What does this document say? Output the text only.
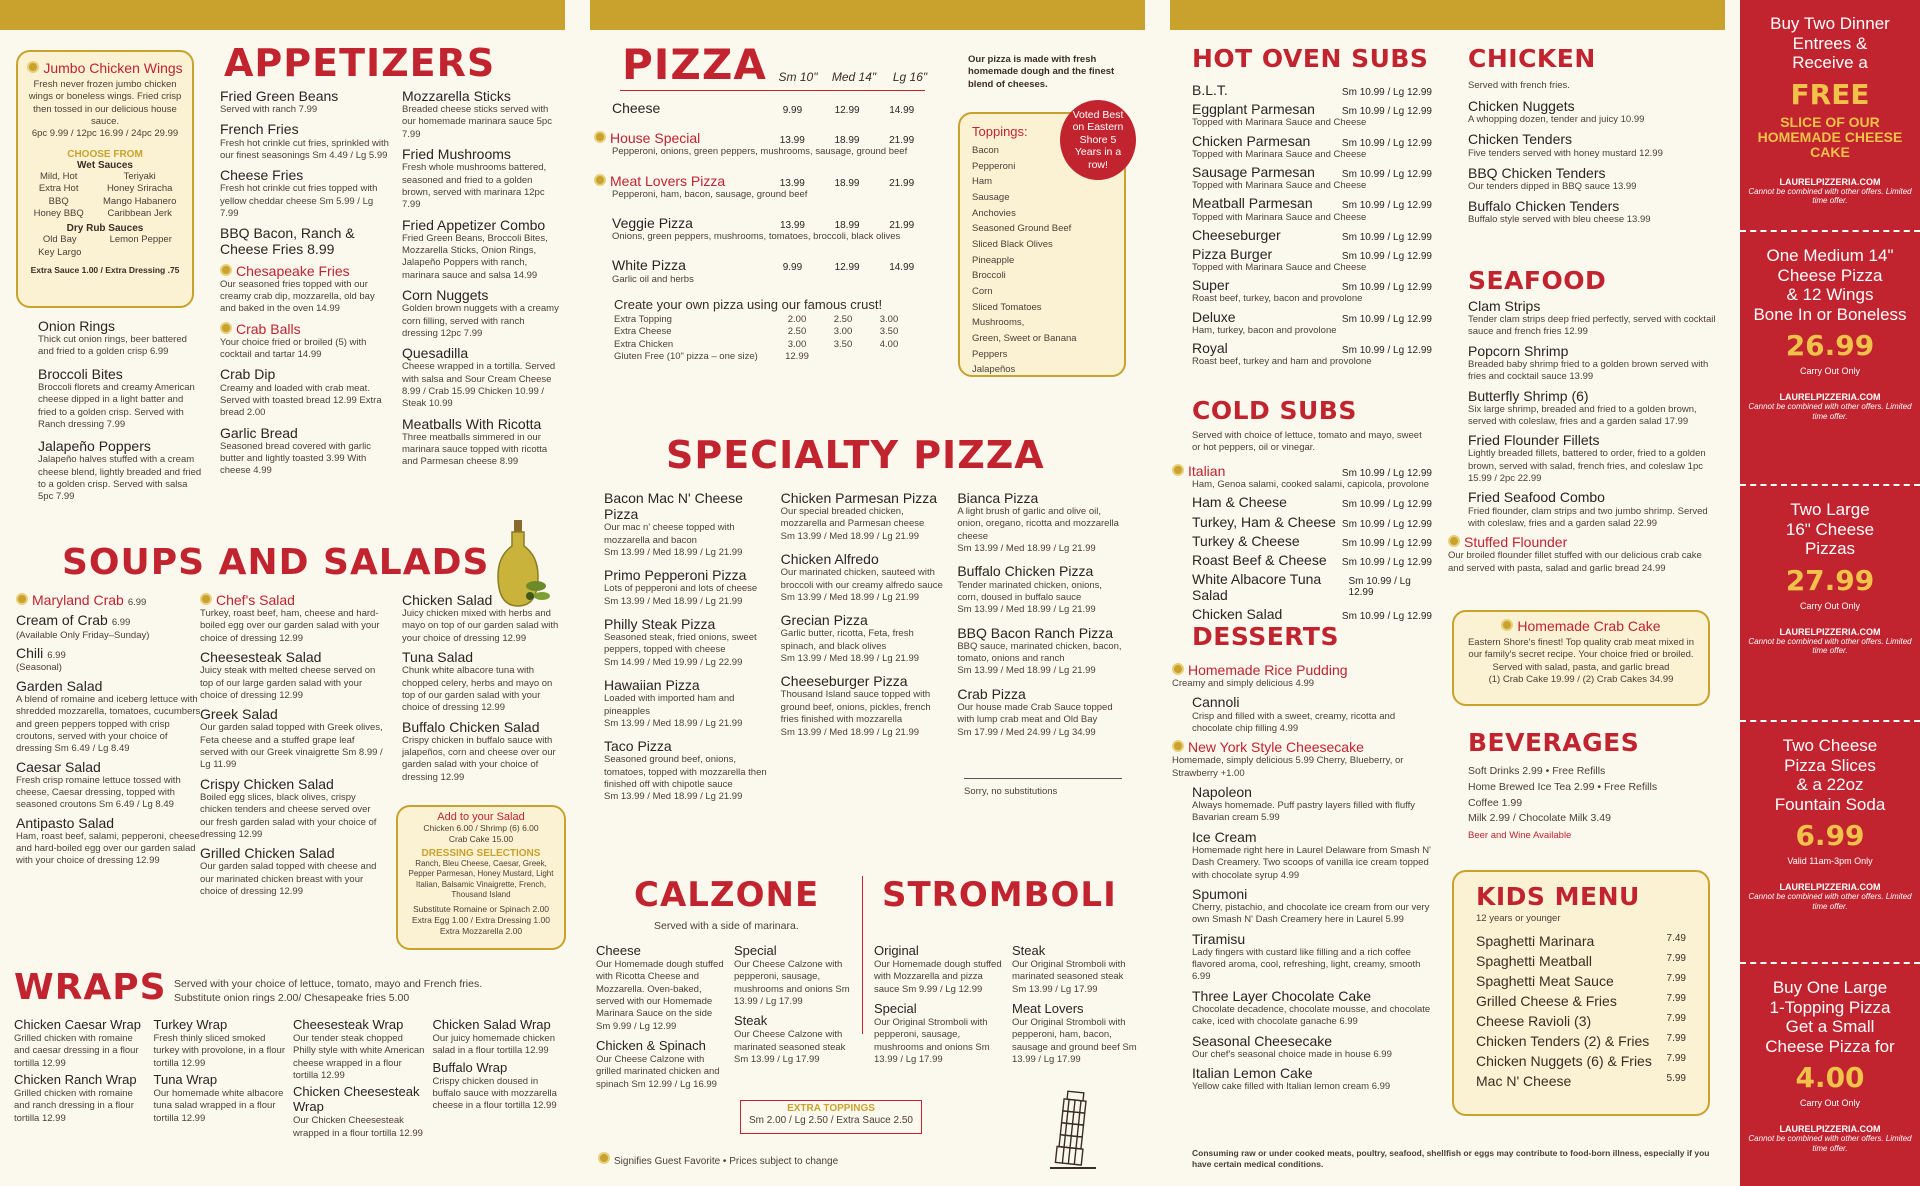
Jumbo Chicken Wings
Fresh never frozen jumbo chicken wings or boneless wings. Fried crisp then tossed in our delicious house sauce.
6pc 9.99 / 12pc 16.99 / 24pc 29.99
CHOOSE FROM
Wet Sauces
Mild, Hot
Extra Hot
BBQ
Honey BBQ
Teriyaki
Honey Sriracha
Mango Habanero
Caribbean Jerk
Dry Rub Sauces
Old Bay
Key Largo
Lemon Pepper
Extra Sauce 1.00 / Extra Dressing .75
APPETIZERS
Onion Rings
Thick cut onion rings, beer battered and fried to a golden crisp 6.99
Broccoli Bites
Broccoli florets and creamy American cheese dipped in a light batter and fried to a golden crisp. Served with Ranch dressing 7.99
Jalapeño Poppers
Jalapeño halves stuffed with a cream cheese blend, lightly breaded and fried to a golden crisp. Served with salsa 5pc 7.99
Fried Green Beans
Served with ranch 7.99
French Fries
Fresh hot crinkle cut fries, sprinkled with our finest seasonings Sm 4.49 / Lg 5.99
Cheese Fries
Fresh hot crinkle cut fries topped with yellow cheddar cheese Sm 5.99 / Lg 7.99
BBQ Bacon, Ranch & Cheese Fries 8.99
Chesapeake Fries
Our seasoned fries topped with our creamy crab dip, mozzarella, old bay and baked in the oven 14.99
Crab Balls
Your choice fried or broiled (5) with cocktail and tartar 14.99
Crab Dip
Creamy and loaded with crab meat. Served with toasted bread 12.99 Extra bread 2.00
Garlic Bread
Seasoned bread covered with garlic butter and lightly toasted 3.99 With cheese 4.99
Mozzarella Sticks
Breaded cheese sticks served with our homemade marinara sauce 5pc 7.99
Fried Mushrooms
Fresh whole mushrooms battered, seasoned and fried to a golden brown, served with marinara 12pc 7.99
Fried Appetizer Combo
Fried Green Beans, Broccoli Bites, Mozzarella Sticks, Onion Rings, Jalapeño Poppers with ranch, marinara sauce and salsa 14.99
Corn Nuggets
Golden brown nuggets with a creamy corn filling, served with ranch dressing 12pc 7.99
Quesadilla
Cheese wrapped in a tortilla. Served with salsa and Sour Cream Cheese 8.99 / Crab 15.99 Chicken 10.99 / Steak 10.99
Meatballs With Ricotta
Three meatballs simmered in our marinara sauce topped with ricotta and Parmesan cheese 8.99
SOUPS AND SALADS
Maryland Crab 6.99
Cream of Crab 6.99
(Available Only Friday–Sunday)
Chili 6.99
(Seasonal)
Garden Salad
A blend of romaine and iceberg lettuce with shredded mozzarella, tomatoes, cucumbers and green peppers topped with crisp croutons, served with your choice of dressing Sm 6.49 / Lg 8.49
Caesar Salad
Fresh crisp romaine lettuce tossed with cheese, Caesar dressing, topped with seasoned croutons Sm 6.49 / Lg 8.49
Antipasto Salad
Ham, roast beef, salami, pepperoni, cheese and hard-boiled egg over our garden salad with your choice of dressing 12.99
Chef's Salad
Turkey, roast beef, ham, cheese and hard-boiled egg over our garden salad with your choice of dressing 12.99
Cheesesteak Salad
Juicy steak with melted cheese served on top of our large garden salad with your choice of dressing 12.99
Greek Salad
Our garden salad topped with Greek olives, Feta cheese and a stuffed grape leaf served with our Greek vinaigrette Sm 8.99 / Lg 11.99
Crispy Chicken Salad
Boiled egg slices, black olives, crispy chicken tenders and cheese served over our fresh garden salad with your choice of dressing 12.99
Grilled Chicken Salad
Our garden salad topped with cheese and our marinated chicken breast with your choice of dressing 12.99
Chicken Salad
Juicy chicken mixed with herbs and mayo on top of our garden salad with your choice of dressing 12.99
Tuna Salad
Chunk white albacore tuna with chopped celery, herbs and mayo on top of our garden salad with your choice of dressing 12.99
Buffalo Chicken Salad
Crispy chicken in buffalo sauce with jalapeños, corn and cheese over our garden salad with your choice of dressing 12.99
Add to your Salad
Chicken 6.00 / Shrimp (6) 6.00
Crab Cake 15.00
DRESSING SELECTIONS
Ranch, Bleu Cheese, Caesar, Greek, Pepper Parmesan, Honey Mustard, Light Italian, Balsamic Vinaigrette, French, Thousand Island
Substitute Romaine or Spinach 2.00
Extra Egg 1.00 / Extra Dressing 1.00
Extra Mozzarella 2.00
WRAPS Served with your choice of lettuce, tomato, mayo and French fries.
Substitute onion rings 2.00/ Chesapeake fries 5.00
Chicken Caesar Wrap
Grilled chicken with romaine and caesar dressing in a flour tortilla 12.99
Chicken Ranch Wrap
Grilled chicken with romaine and ranch dressing in a flour tortilla 12.99
Turkey Wrap
Fresh thinly sliced smoked turkey with provolone, in a flour tortilla 12.99
Tuna Wrap
Our homemade white albacore tuna salad wrapped in a flour tortilla 12.99
Cheesesteak Wrap
Our tender steak chopped Philly style with white American cheese wrapped in a flour tortilla 12.99
Chicken Cheesesteak Wrap
Our Chicken Cheesesteak wrapped in a flour tortilla 12.99
Chicken Salad Wrap
Our juicy homemade chicken salad in a flour tortilla 12.99
Buffalo Wrap
Crispy chicken doused in buffalo sauce with mozzarella cheese in a flour tortilla 12.99
PIZZA Sm 10"	Med 14"	Lg 16"
Cheese	9.99	12.99	14.99
House Special	13.99	18.99	21.99
Pepperoni, onions, green peppers, mushrooms, sausage, ground beef
Meat Lovers Pizza	13.99	18.99	21.99
Pepperoni, ham, bacon, sausage, ground beef
Veggie Pizza	13.99	18.99	21.99
Onions, green peppers, mushrooms, tomatoes, broccoli, black olives
White Pizza	9.99	12.99	14.99
Garlic oil and herbs
Create your own pizza using our famous crust!
Extra Topping	2.00	2.50	3.00
Extra Cheese	2.50	3.00	3.50
Extra Chicken	3.00	3.50	4.00
Gluten Free (10" pizza – one size)	12.99
Our pizza is made with fresh homemade dough and the finest blend of cheeses.
Toppings:
Bacon
Pepperoni
Ham
Sausage
Anchovies
Seasoned Ground Beef
Sliced Black Olives
Pineapple
Broccoli
Corn
Sliced Tomatoes
Mushrooms,
Green, Sweet or Banana Peppers
Jalapeños
Voted Best on Eastern Shore 5 Years in a row!
SPECIALTY PIZZA
Bacon Mac N' Cheese Pizza
Our mac n' cheese topped with mozzarella and bacon
Sm 13.99 / Med 18.99 / Lg 21.99
Primo Pepperoni Pizza
Lots of pepperoni and lots of cheese
Sm 13.99 / Med 18.99 / Lg 21.99
Philly Steak Pizza
Seasoned steak, fried onions, sweet peppers, topped with cheese
Sm 14.99 / Med 19.99 / Lg 22.99
Hawaiian Pizza
Loaded with imported ham and pineapples
Sm 13.99 / Med 18.99 / Lg 21.99
Taco Pizza
Seasoned ground beef, onions, tomatoes, topped with mozzarella then finished off with chipotle sauce
Sm 13.99 / Med 18.99 / Lg 21.99
Chicken Parmesan Pizza
Our special breaded chicken, mozzarella and Parmesan cheese
Sm 13.99 / Med 18.99 / Lg 21.99
Chicken Alfredo
Our marinated chicken, sauteed with broccoli with our creamy alfredo sauce
Sm 13.99 / Med 18.99 / Lg 21.99
Grecian Pizza
Garlic butter, ricotta, Feta, fresh spinach, and black olives
Sm 13.99 / Med 18.99 / Lg 21.99
Cheeseburger Pizza
Thousand Island sauce topped with ground beef, onions, pickles, french fries finished with mozzarella
Sm 13.99 / Med 18.99 / Lg 21.99
Bianca Pizza
A light brush of garlic and olive oil, onion, oregano, ricotta and mozzarella cheese
Sm 13.99 / Med 18.99 / Lg 21.99
Buffalo Chicken Pizza
Tender marinated chicken, onions, corn, doused in buffalo sauce
Sm 13.99 / Med 18.99 / Lg 21.99
BBQ Bacon Ranch Pizza
BBQ sauce, marinated chicken, bacon, tomato, onions and ranch
Sm 13.99 / Med 18.99 / Lg 21.99
Crab Pizza
Our house made Crab Sauce topped with lump crab meat and Old Bay
Sm 17.99 / Med 24.99 / Lg 34.99
Sorry, no substitutions
CALZONE
Served with a side of marinara.
STROMBOLI
Cheese
Our Homemade dough stuffed with Ricotta Cheese and Mozzarella. Oven-baked, served with our Homemade Marinara Sauce on the side Sm 9.99 / Lg 12.99
Chicken & Spinach
Our Cheese Calzone with grilled marinated chicken and spinach Sm 12.99 / Lg 16.99
Special
Our Cheese Calzone with pepperoni, sausage, mushrooms and onions Sm 13.99 / Lg 17.99
Steak
Our Cheese Calzone with marinated seasoned steak Sm 13.99 / Lg 17.99
Original
Our Homemade dough stuffed with Mozzarella and pizza sauce Sm 9.99 / Lg 12.99
Special
Our Original Stromboli with pepperoni, sausage, mushrooms and onions Sm 13.99 / Lg 17.99
Steak
Our Original Stromboli with marinated seasoned steak Sm 13.99 / Lg 17.99
Meat Lovers
Our Original Stromboli with pepperoni, ham, bacon, sausage and ground beef Sm 13.99 / Lg 17.99
EXTRA TOPPINGS
Sm 2.00 / Lg 2.50 / Extra Sauce 2.50
Signifies Guest Favorite • Prices subject to change
HOT OVEN SUBS
B.L.T.	Sm 10.99 / Lg 12.99
Eggplant Parmesan	Sm 10.99 / Lg 12.99
Topped with Marinara Sauce and Cheese
Chicken Parmesan	Sm 10.99 / Lg 12.99
Topped with Marinara Sauce and Cheese
Sausage Parmesan	Sm 10.99 / Lg 12.99
Topped with Marinara Sauce and Cheese
Meatball Parmesan	Sm 10.99 / Lg 12.99
Topped with Marinara Sauce and Cheese
Cheeseburger	Sm 10.99 / Lg 12.99
Pizza Burger	Sm 10.99 / Lg 12.99
Topped with Marinara Sauce and Cheese
Super	Sm 10.99 / Lg 12.99
Roast beef, turkey, bacon and provolone
Deluxe	Sm 10.99 / Lg 12.99
Ham, turkey, bacon and provolone
Royal	Sm 10.99 / Lg 12.99
Roast beef, turkey and ham and provolone
COLD SUBS
Served with choice of lettuce, tomato and mayo, sweet or hot peppers, oil or vinegar.
Italian	Sm 10.99 / Lg 12.99
Ham, Genoa salami, cooked salami, capicola, provolone
Ham & Cheese	Sm 10.99 / Lg 12.99
Turkey, Ham & Cheese Sm 10.99 / Lg 12.99
Turkey & Cheese	Sm 10.99 / Lg 12.99
Roast Beef & Cheese Sm 10.99 / Lg 12.99
White Albacore Tuna Salad
Sm 10.99 / Lg 12.99
Chicken Salad	Sm 10.99 / Lg 12.99
DESSERTS
Homemade Rice Pudding
Creamy and simply delicious 4.99
Cannoli
Crisp and filled with a sweet, creamy, ricotta and chocolate chip filling 4.99
New York Style Cheesecake
Homemade, simply delicious 5.99 Cherry, Blueberry, or Strawberry +1.00
Napoleon
Always homemade. Puff pastry layers filled with fluffy Bavarian cream 5.99
Ice Cream
Homemade right here in Laurel Delaware from Smash N' Dash Creamery. Two scoops of vanilla ice cream topped with chocolate syrup 4.99
Spumoni
Cherry, pistachio, and chocolate ice cream from our very own Smash N' Dash Creamery here in Laurel 5.99
Tiramisu
Lady fingers with custard like filling and a rich coffee flavored aroma, cool, refreshing, light, creamy, smooth 6.99
Three Layer Chocolate Cake
Chocolate decadence, chocolate mousse, and chocolate cake, iced with chocolate ganache 6.99
Seasonal Cheesecake
Our chef's seasonal choice made in house 6.99
Italian Lemon Cake
Yellow cake filled with Italian lemon cream 6.99
Consuming raw or under cooked meats, poultry, seafood, shellfish or eggs may contribute to food-born illness, especially if you have certain medical conditions.
CHICKEN
Served with french fries.
Chicken Nuggets
A whopping dozen, tender and juicy 10.99
Chicken Tenders
Five tenders served with honey mustard 12.99
BBQ Chicken Tenders
Our tenders dipped in BBQ sauce 13.99
Buffalo Chicken Tenders
Buffalo style served with bleu cheese 13.99
SEAFOOD
Clam Strips
Tender clam strips deep fried perfectly, served with cocktail sauce and french fries 12.99
Popcorn Shrimp
Breaded baby shrimp fried to a golden brown served with fries and cocktail sauce 13.99
Butterfly Shrimp (6)
Six large shrimp, breaded and fried to a golden brown, served with coleslaw, fries and a garden salad 17.99
Fried Flounder Fillets
Lightly breaded fillets, battered to order, fried to a golden brown, served with salad, french fries, and coleslaw 1pc 15.99 / 2pc 22.99
Fried Seafood Combo
Fried flounder, clam strips and two jumbo shrimp. Served with coleslaw, fries and a garden salad 22.99
Stuffed Flounder
Our broiled flounder fillet stuffed with our delicious crab cake and served with pasta, salad and garlic bread 24.99
Homemade Crab Cake
Eastern Shore's finest! Top quality crab meat mixed in our family's secret recipe. Your choice fried or broiled. Served with salad, pasta, and garlic bread
(1) Crab Cake 19.99 / (2) Crab Cakes 34.99
BEVERAGES
Soft Drinks 2.99 • Free Refills
Home Brewed Ice Tea 2.99 • Free Refills
Coffee 1.99
Milk 2.99 / Chocolate Milk 3.49
Beer and Wine Available
KIDS MENU
12 years or younger
Spaghetti Marinara	7.49
Spaghetti Meatball	7.99
Spaghetti Meat Sauce	7.99
Grilled Cheese & Fries	7.99
Cheese Ravioli (3)	7.99
Chicken Tenders (2) & Fries 7.99
Chicken Nuggets (6) & Fries 7.99
Mac N' Cheese	5.99
Buy Two Dinner
Entrees &
Receive a
FREE
SLICE OF OUR HOMEMADE CHEESE CAKE
LAURELPIZZERIA.COM
Cannot be combined with other offers. Limited time offer.
One Medium 14"
Cheese Pizza
& 12 Wings
Bone In or Boneless
26.99
Carry Out Only
LAURELPIZZERIA.COM
Cannot be combined with other offers. Limited time offer.
Two Large
16" Cheese
Pizzas
27.99
Carry Out Only
LAURELPIZZERIA.COM
Cannot be combined with other offers. Limited time offer.
Two Cheese
Pizza Slices
& a 22oz
Fountain Soda
6.99
Valid 11am-3pm Only
LAURELPIZZERIA.COM
Cannot be combined with other offers. Limited time offer.
Buy One Large
1-Topping Pizza
Get a Small
Cheese Pizza for
4.00
Carry Out Only
LAURELPIZZERIA.COM
Cannot be combined with other offers. Limited time offer.
